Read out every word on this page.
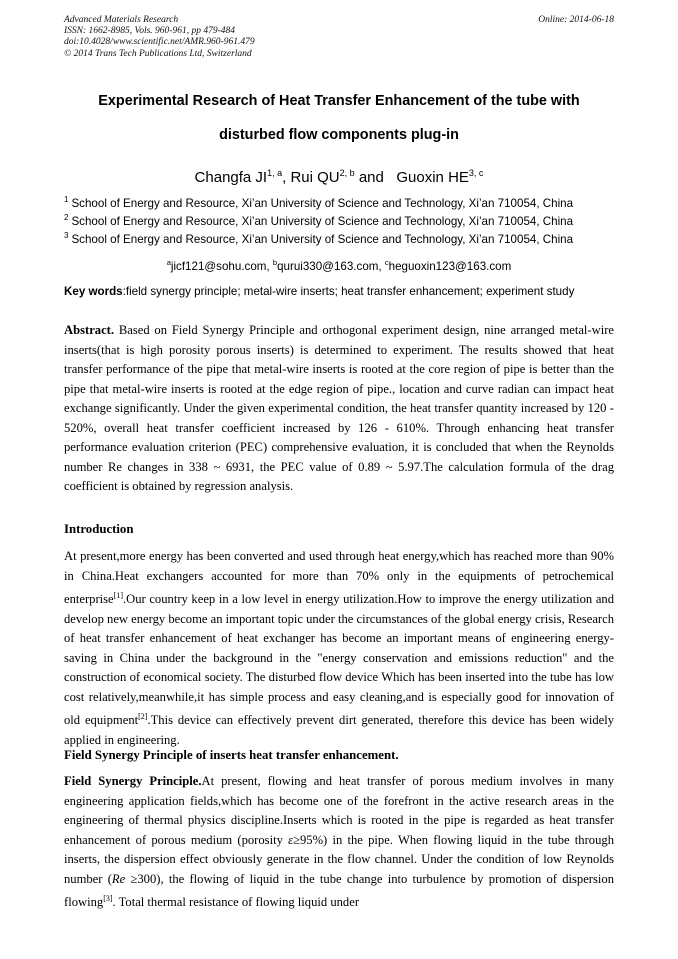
Advanced Materials Research
ISSN: 1662-8985, Vols. 960-961, pp 479-484
doi:10.4028/www.scientific.net/AMR.960-961.479
© 2014 Trans Tech Publications Ltd, Switzerland
Online: 2014-06-18
Experimental Research of Heat Transfer Enhancement of the tube with
disturbed flow components plug-in
Changfa JI$^{1, a}$, Rui QU$^{2, b}$ and   Guoxin HE$^{3, c}$
$^1$ School of Energy and Resource, Xi’an University of Science and Technology, Xi’an 710054, China
$^2$ School of Energy and Resource, Xi’an University of Science and Technology, Xi’an 710054, China
$^3$ School of Energy and Resource, Xi’an University of Science and Technology, Xi’an 710054, China
$^a$jicf121@sohu.com, $^b$qurui330@163.com, $^c$heguoxin123@163.com
Key words:field synergy principle; metal-wire inserts; heat transfer enhancement; experiment study
Abstract. Based on Field Synergy Principle and orthogonal experiment design, nine arranged metal-wire inserts(that is high porosity porous inserts) is determined to experiment. The results showed that heat transfer performance of the pipe that metal-wire inserts is rooted at the core region of pipe is better than the pipe that metal-wire inserts is rooted at the edge region of pipe., location and curve radian can impact heat exchange significantly. Under the given experimental condition, the heat transfer quantity increased by 120 - 520%, overall heat transfer coefficient increased by 126 - 610%. Through enhancing heat transfer performance evaluation criterion (PEC) comprehensive evaluation, it is concluded that when the Reynolds number Re changes in 338 ~ 6931, the PEC value of 0.89 ~ 5.97.The calculation formula of the drag coefficient is obtained by regression analysis.
Introduction
At present,more energy has been converted and used through heat energy,which has reached more than 90% in China.Heat exchangers accounted for more than 70% only in the equipments of petrochemical enterprise[1].Our country keep in a low level in energy utilization.How to improve the energy utilization and develop new energy become an important topic under the circumstances of the global energy crisis, Research of heat transfer enhancement of heat exchanger has become an important means of engineering energy-saving in China under the background in the "energy conservation and emissions reduction" and the construction of economical society. The disturbed flow device Which has been inserted into the tube has low cost relatively,meanwhile,it has simple process and easy cleaning,and is especially good for innovation of old equipment[2].This device can effectively prevent dirt generated, therefore this device has been widely applied in engineering.
Field Synergy Principle of inserts heat transfer enhancement.
Field Synergy Principle.At present, flowing and heat transfer of porous medium involves in many engineering application fields,which has become one of the forefront in the active research areas in the engineering of thermal physics discipline.Inserts which is rooted in the pipe is regarded as heat transfer enhancement of porous medium (porosity ε≥95%) in the pipe. When flowing liquid in the tube through inserts, the dispersion effect obviously generate in the flow channel. Under the condition of low Reynolds number (Re ≥300), the flowing of liquid in the tube change into turbulence by promotion of dispersion flowing[3]. Total thermal resistance of flowing liquid under
